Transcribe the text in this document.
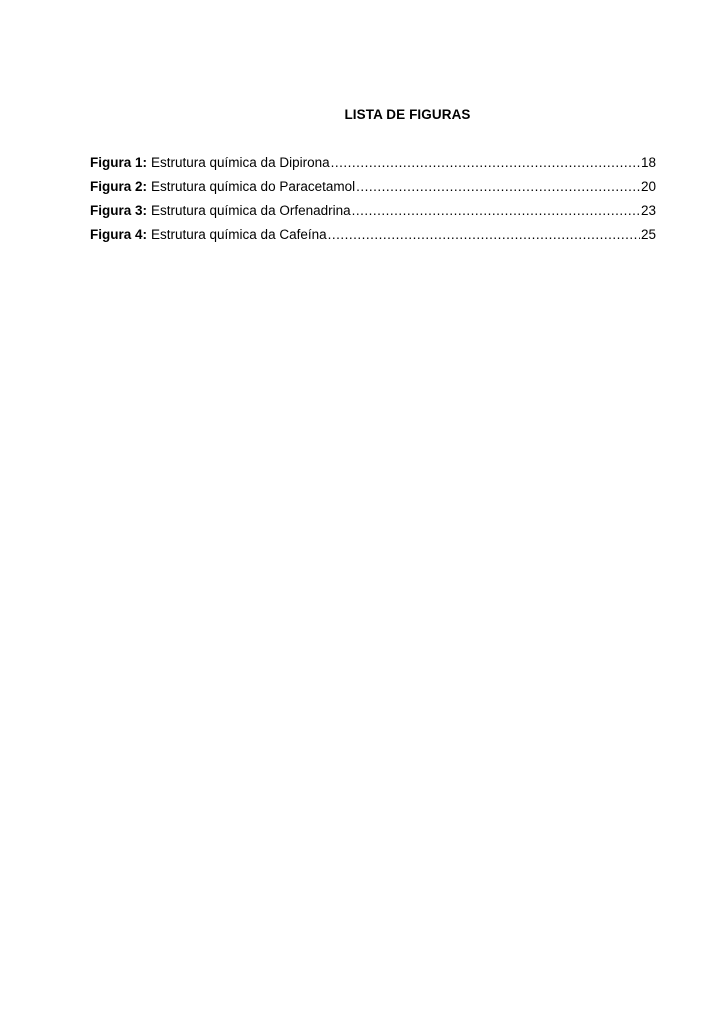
LISTA DE FIGURAS
Figura 1: Estrutura química da Dipirona .....	18
Figura 2: Estrutura química do Paracetamol .....	20
Figura 3: Estrutura química da Orfenadrina .....	23
Figura 4: Estrutura química da Cafeína .....	25
